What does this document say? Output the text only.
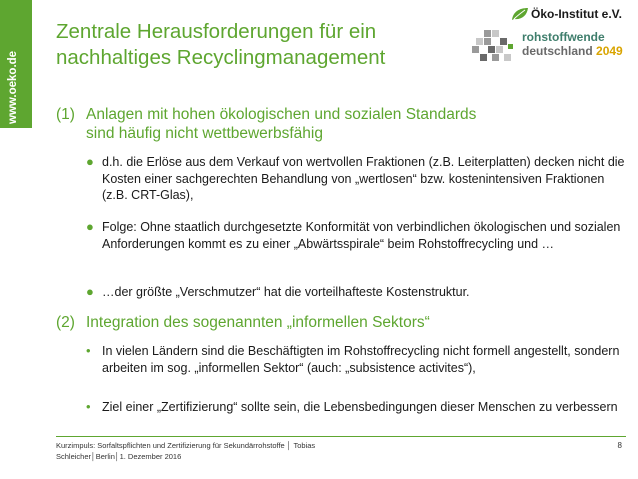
www.oeko.de
Zentrale Herausforderungen für ein
nachhaltiges Recyclingmanagement
Öko-Institut e.V.
rohstoffwende
deutschland 2049
(1) Anlagen mit hohen ökologischen und sozialen Standards
sind häufig nicht wettbewerbsfähig
● d.h. die Erlöse aus dem Verkauf von wertvollen Fraktionen (z.B. Leiterplatten) decken nicht die Kosten einer sachgerechten Behandlung von „wertlosen“ bzw. kostenintensiven Fraktionen (z.B. CRT-Glas),
● Folge: Ohne staatlich durchgesetzte Konformität von verbindlichen ökologischen und sozialen Anforderungen kommt es zu einer „Abwärtsspirale“ beim Rohstoffrecycling und …
● …der größte „Verschmutzer“ hat die vorteilhafteste Kostenstruktur.
(2) Integration des sogenannten „informellen Sektors“
• In vielen Ländern sind die Beschäftigten im Rohstoffrecycling nicht formell angestellt, sondern arbeiten im sog. „informellen Sektor“ (auch: „subsistence activites“),
• Ziel einer „Zertifizierung“ sollte sein, die Lebensbedingungen dieser Menschen zu verbessern
Kurzimpuls: Sorfaltspflichten und Zertifizierung für Sekundärrohstoffe │ Tobias Schleicher│Berlin│1. Dezember 2016
8
